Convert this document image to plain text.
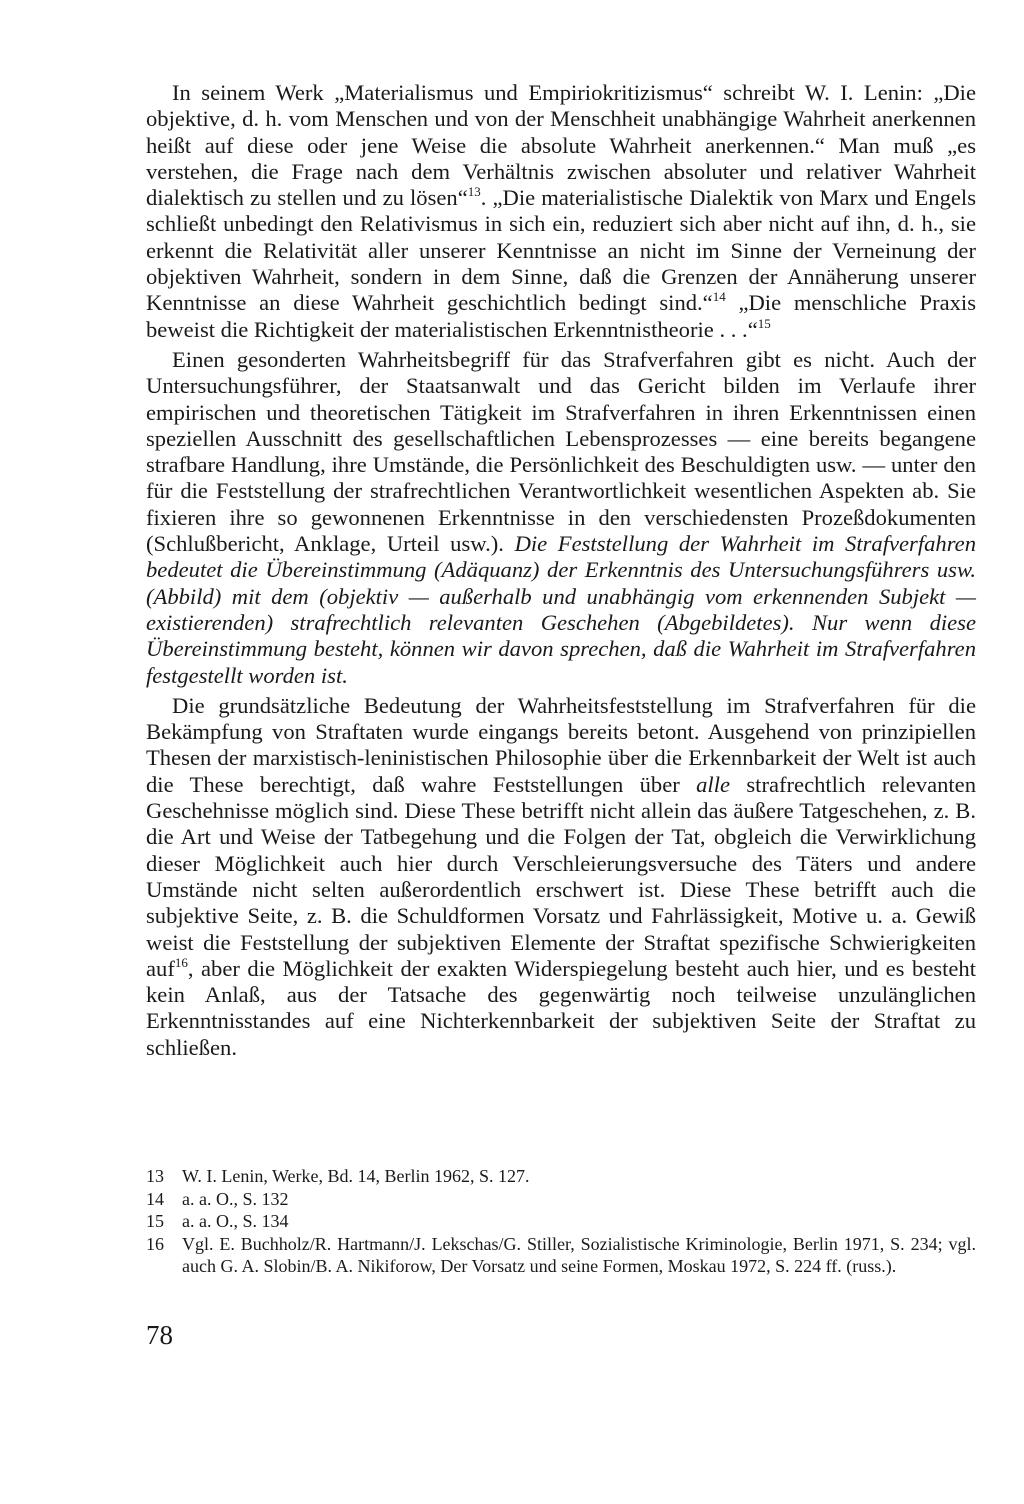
In seinem Werk „Materialismus und Empiriokritizismus“ schreibt W. I. Lenin: „Die objektive, d. h. vom Menschen und von der Menschheit unabhängige Wahrheit anerkennen heißt auf diese oder jene Weise die absolute Wahrheit anerkennen.“ Man muß „es verstehen, die Frage nach dem Verhältnis zwischen absoluter und relativer Wahrheit dialektisch zu stellen und zu lösen“$^{13}$. „Die materialistische Dialektik von Marx und Engels schließt unbedingt den Relativismus in sich ein, reduziert sich aber nicht auf ihn, d. h., sie erkennt die Relativität aller unserer Kenntnisse an nicht im Sinne der Verneinung der objektiven Wahrheit, sondern in dem Sinne, daß die Grenzen der Annäherung unserer Kenntnisse an diese Wahrheit geschichtlich bedingt sind.“$^{14}$ „Die menschliche Praxis beweist die Richtigkeit der materialistischen Erkenntnistheorie . . .“$^{15}$

Einen gesonderten Wahrheitsbegriff für das Strafverfahren gibt es nicht. Auch der Untersuchungsführer, der Staatsanwalt und das Gericht bilden im Verlaufe ihrer empirischen und theoretischen Tätigkeit im Strafverfahren in ihren Erkenntnissen einen speziellen Ausschnitt des gesellschaftlichen Lebensprozesses — eine bereits begangene strafbare Handlung, ihre Umstände, die Persönlichkeit des Beschuldigten usw. — unter den für die Feststellung der strafrechtlichen Verantwortlichkeit wesentlichen Aspekten ab. Sie fixieren ihre so gewonnenen Erkenntnisse in den verschiedensten Prozeßdokumenten (Schlußbericht, Anklage, Urteil usw.). Die Feststellung der Wahrheit im Strafverfahren bedeutet die Übereinstimmung (Adäquanz) der Erkenntnis des Untersuchungsführers usw. (Abbild) mit dem (objektiv — außerhalb und unabhängig vom erkennenden Subjekt — existierenden) strafrechtlich relevanten Geschehen (Abgebildetes). Nur wenn diese Übereinstimmung besteht, können wir davon sprechen, daß die Wahrheit im Strafverfahren festgestellt worden ist.

Die grundsätzliche Bedeutung der Wahrheitsfeststellung im Strafverfahren für die Bekämpfung von Straftaten wurde eingangs bereits betont. Ausgehend von prinzipiellen Thesen der marxistisch-leninistischen Philosophie über die Erkennbarkeit der Welt ist auch die These berechtigt, daß wahre Feststellungen über alle strafrechtlich relevanten Geschehnisse möglich sind. Diese These betrifft nicht allein das äußere Tatgeschehen, z. B. die Art und Weise der Tatbegehung und die Folgen der Tat, obgleich die Verwirklichung dieser Möglichkeit auch hier durch Verschleierungsversuche des Täters und andere Umstände nicht selten außerordentlich erschwert ist. Diese These betrifft auch die subjektive Seite, z. B. die Schuldformen Vorsatz und Fahrlässigkeit, Motive u. a. Gewiß weist die Feststellung der subjektiven Elemente der Straftat spezifische Schwierigkeiten auf$^{16}$, aber die Möglichkeit der exakten Widerspiegelung besteht auch hier, und es besteht kein Anlaß, aus der Tatsache des gegenwärtig noch teilweise unzulänglichen Erkenntnisstandes auf eine Nichterkennbarkeit der subjektiven Seite der Straftat zu schließen.

13	W. I. Lenin, Werke, Bd. 14, Berlin 1962, S. 127.
14	a. a. O., S. 132
15	a. a. O., S. 134
16	Vgl. E. Buchholz/R. Hartmann/J. Lekschas/G. Stiller, Sozialistische Kriminologie, Berlin 1971, S. 234; vgl. auch G. A. Slobin/B. A. Nikiforow, Der Vorsatz und seine Formen, Moskau 1972, S. 224 ff. (russ.).
78
